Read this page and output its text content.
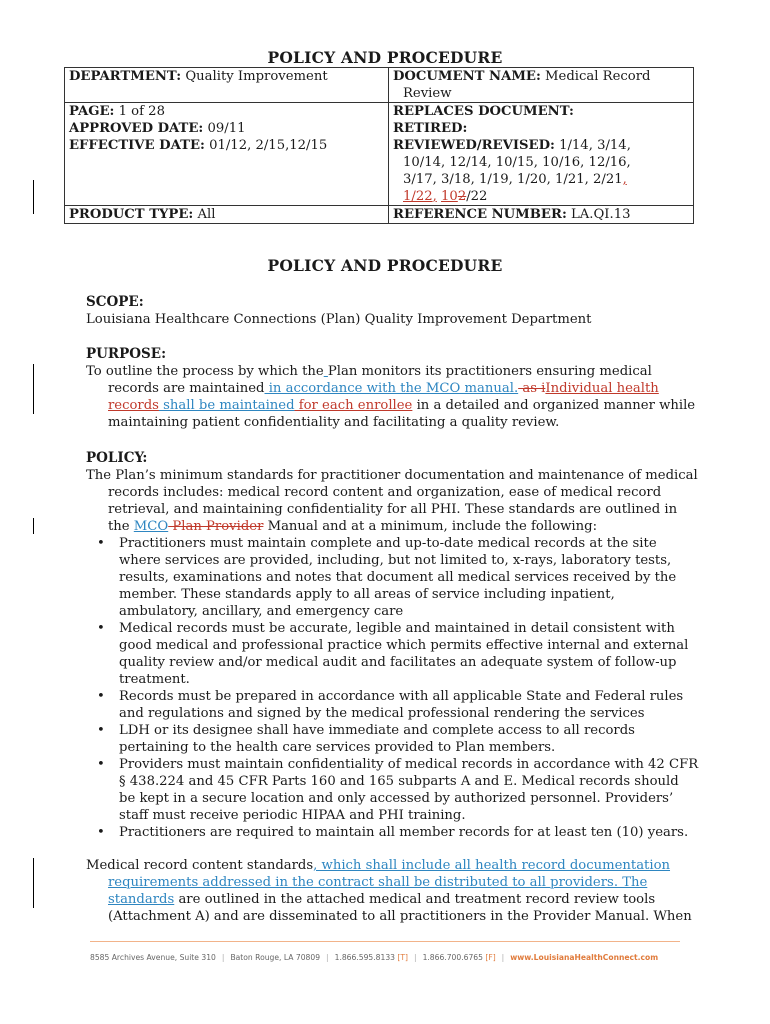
POLICY AND PROCEDURE
DEPARTMENT: Quality Improvement	DOCUMENT NAME: Medical Record
Review

PAGE: 1 of 28	REPLACES DOCUMENT:
APPROVED DATE: 09/11	RETIRED:
EFFECTIVE DATE: 01/12, 2/15,12/15	REVIEWED/REVISED: 1/14, 3/14,
10/14, 12/14, 10/15, 10/16, 12/16,
3/17, 3/18, 1/19, 1/20, 1/21, 2/21,
1/22, 102/22

PRODUCT TYPE: All	REFERENCE NUMBER: LA.QI.13
POLICY AND PROCEDURE
SCOPE:
Louisiana Healthcare Connections (Plan) Quality Improvement Department
PURPOSE:
To outline the process by which the Plan monitors its practitioners ensuring medical
records are maintained in accordance with the MCO manual. as iIndividual health
records shall be maintained for each enrollee in a detailed and organized manner while
maintaining patient confidentiality and facilitating a quality review.
POLICY:
The Plan’s minimum standards for practitioner documentation and maintenance of medical
records includes: medical record content and organization, ease of medical record
retrieval, and maintaining confidentiality for all PHI. These standards are outlined in
the MCO Plan Provider Manual and at a minimum, include the following:
• Practitioners must maintain complete and up-to-date medical records at the site
where services are provided, including, but not limited to, x-rays, laboratory tests,
results, examinations and notes that document all medical services received by the
member. These standards apply to all areas of service including inpatient,
ambulatory, ancillary, and emergency care
• Medical records must be accurate, legible and maintained in detail consistent with
good medical and professional practice which permits effective internal and external
quality review and/or medical audit and facilitates an adequate system of follow-up
treatment.
• Records must be prepared in accordance with all applicable State and Federal rules
and regulations and signed by the medical professional rendering the services
• LDH or its designee shall have immediate and complete access to all records
pertaining to the health care services provided to Plan members.
• Providers must maintain confidentiality of medical records in accordance with 42 CFR
§ 438.224 and 45 CFR Parts 160 and 165 subparts A and E. Medical records should
be kept in a secure location and only accessed by authorized personnel. Providers’
staff must receive periodic HIPAA and PHI training.
• Practitioners are required to maintain all member records for at least ten (10) years.
Medical record content standards, which shall include all health record documentation
requirements addressed in the contract shall be distributed to all providers. The
standards are outlined in the attached medical and treatment record review tools
(Attachment A) and are disseminated to all practitioners in the Provider Manual. When
8585 Archives Avenue, Suite 310 | Baton Rouge, LA 70809 | 1.866.595.8133 [T] | 1.866.700.6765 [F] | www.LouisianaHealthConnect.com
